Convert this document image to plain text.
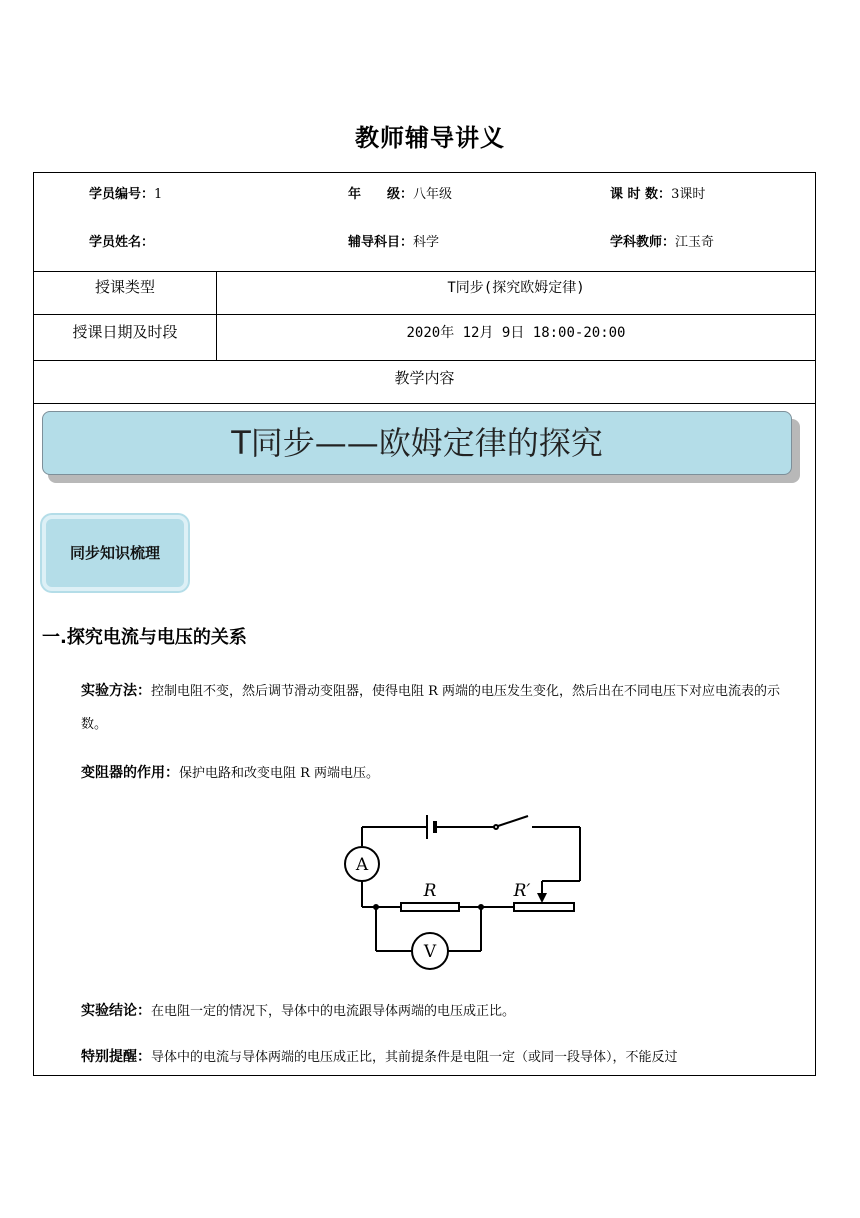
教师辅导讲义
学员编号：1	年　　级：八年级	课 时 数：3课时
学员姓名：	辅导科目：科学	学科教师：江玉奇
授课类型	T同步(探究欧姆定律)
授课日期及时段	2020年 12月 9日 18:00-20:00
教学内容
T同步——欧姆定律的探究
同步知识梳理
一.探究电流与电压的关系
实验方法：控制电阻不变，然后调节滑动变阻器，使得电阻 R 两端的电压发生变化，然后出在不同电压下对应电流表的示数。
变阻器的作用：保护电路和改变电阻 R 两端电压。
A
V
R	R′
实验结论：在电阻一定的情况下，导体中的电流跟导体两端的电压成正比。
特别提醒：导体中的电流与导体两端的电压成正比，其前提条件是电阻一定（或同一段导体），不能反过
